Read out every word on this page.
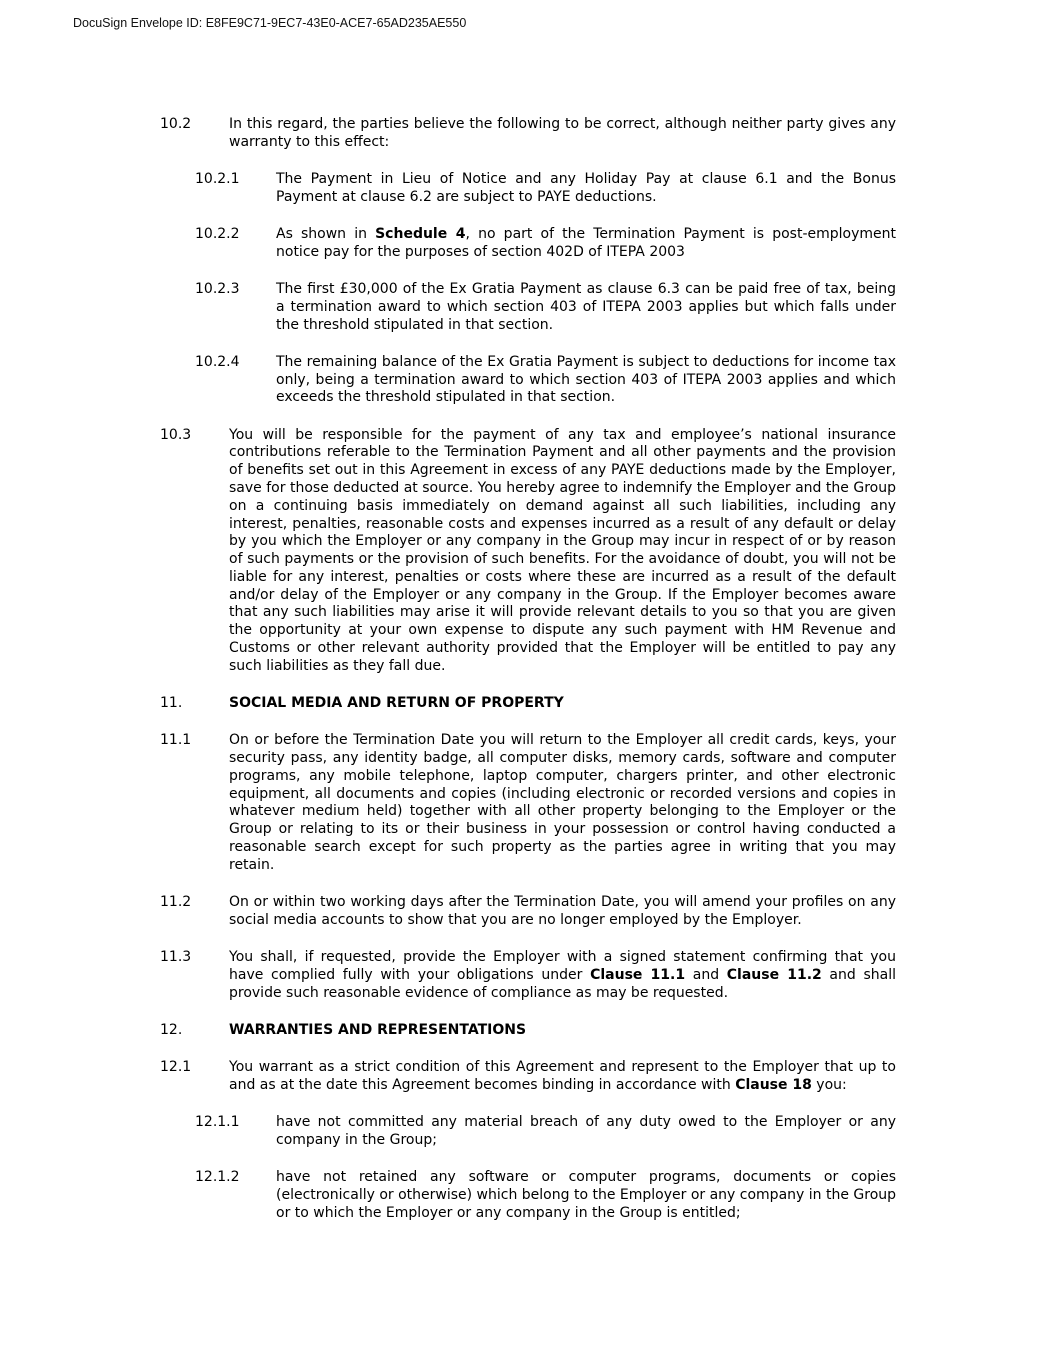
DocuSign Envelope ID: E8FE9C71-9EC7-43E0-ACE7-65AD235AE550
10.2	In this regard, the parties believe the following to be correct, although neither party gives any warranty to this effect:
10.2.1	The Payment in Lieu of Notice and any Holiday Pay at clause 6.1 and the Bonus Payment at clause 6.2 are subject to PAYE deductions.
10.2.2	As shown in Schedule 4, no part of the Termination Payment is post-employment notice pay for the purposes of section 402D of ITEPA 2003
10.2.3	The first £30,000 of the Ex Gratia Payment as clause 6.3 can be paid free of tax, being a termination award to which section 403 of ITEPA 2003 applies but which falls under the threshold stipulated in that section.
10.2.4	The remaining balance of the Ex Gratia Payment is subject to deductions for income tax only, being a termination award to which section 403 of ITEPA 2003 applies and which exceeds the threshold stipulated in that section.
10.3	You will be responsible for the payment of any tax and employee’s national insurance contributions referable to the Termination Payment and all other payments and the provision of benefits set out in this Agreement in excess of any PAYE deductions made by the Employer, save for those deducted at source. You hereby agree to indemnify the Employer and the Group on a continuing basis immediately on demand against all such liabilities, including any interest, penalties, reasonable costs and expenses incurred as a result of any default or delay by you which the Employer or any company in the Group may incur in respect of or by reason of such payments or the provision of such benefits. For the avoidance of doubt, you will not be liable for any interest, penalties or costs where these are incurred as a result of the default and/or delay of the Employer or any company in the Group. If the Employer becomes aware that any such liabilities may arise it will provide relevant details to you so that you are given the opportunity at your own expense to dispute any such payment with HM Revenue and Customs or other relevant authority provided that the Employer will be entitled to pay any such liabilities as they fall due.
11.	SOCIAL MEDIA AND RETURN OF PROPERTY
11.1	On or before the Termination Date you will return to the Employer all credit cards, keys, your security pass, any identity badge, all computer disks, memory cards, software and computer programs, any mobile telephone, laptop computer, chargers printer, and other electronic equipment, all documents and copies (including electronic or recorded versions and copies in whatever medium held) together with all other property belonging to the Employer or the Group or relating to its or their business in your possession or control having conducted a reasonable search except for such property as the parties agree in writing that you may retain.
11.2	On or within two working days after the Termination Date, you will amend your profiles on any social media accounts to show that you are no longer employed by the Employer.
11.3	You shall, if requested, provide the Employer with a signed statement confirming that you have complied fully with your obligations under Clause 11.1 and Clause 11.2 and shall provide such reasonable evidence of compliance as may be requested.
12.	WARRANTIES AND REPRESENTATIONS
12.1	You warrant as a strict condition of this Agreement and represent to the Employer that up to and as at the date this Agreement becomes binding in accordance with Clause 18 you:
12.1.1	have not committed any material breach of any duty owed to the Employer or any company in the Group;
12.1.2	have not retained any software or computer programs, documents or copies (electronically or otherwise) which belong to the Employer or any company in the Group or to which the Employer or any company in the Group is entitled;
